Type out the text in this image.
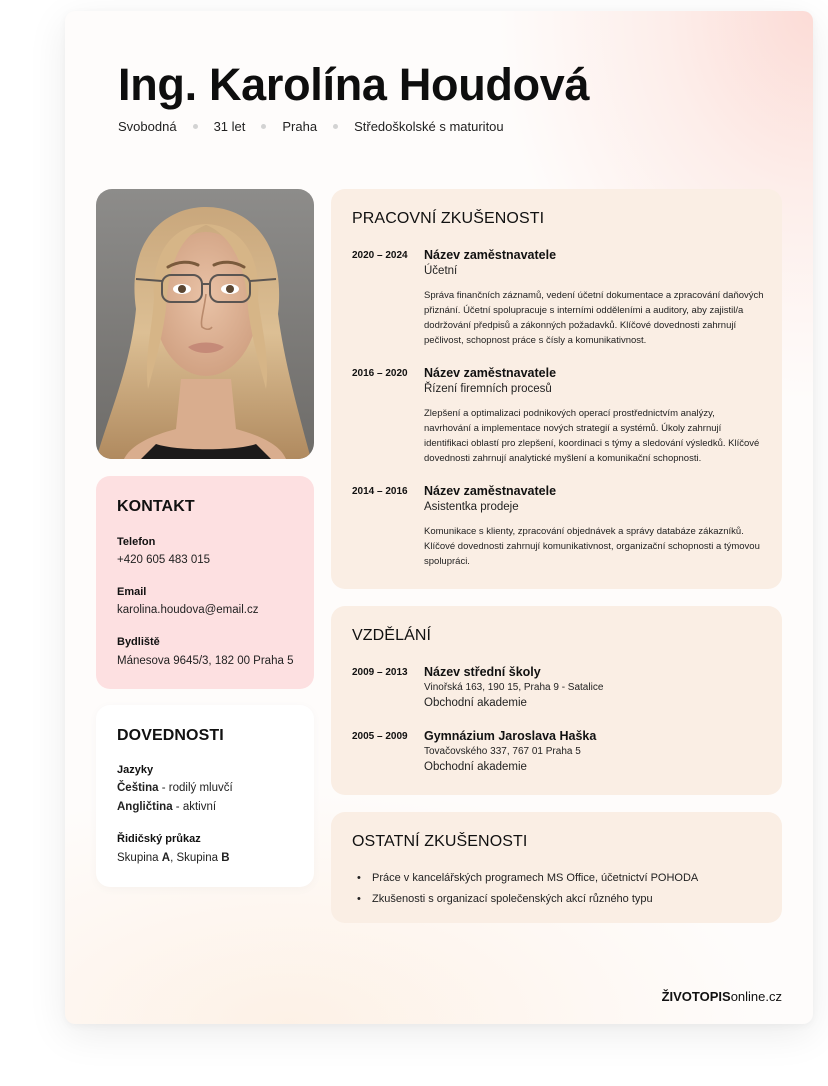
Ing. Karolína Houdová
Svobodná	31 let	Praha	Středoškolské s maturitou
KONTAKT
Telefon
+420 605 483 015
Email
karolina.houdova@email.cz
Bydliště
Mánesova 9645/3, 182 00 Praha 5
DOVEDNOSTI
Jazyky
Čeština - rodilý mluvčí
Angličtina - aktivní
Řidičský průkaz
Skupina A, Skupina B
PRACOVNÍ ZKUŠENOSTI
2020 – 2024 Název zaměstnavatele
Účetní
Správa finančních záznamů, vedení účetní dokumentace a zpracování daňových přiznání. Účetní spolupracuje s interními odděleními a auditory, aby zajistil/a dodržování předpisů a zákonných požadavků. Klíčové dovednosti zahrnují pečlivost, schopnost práce s čísly a komunikativnost.
2016 – 2020 Název zaměstnavatele
Řízení firemních procesů
Zlepšení a optimalizaci podnikových operací prostřednictvím analýzy, navrhování a implementace nových strategií a systémů. Úkoly zahrnují identifikaci oblastí pro zlepšení, koordinaci s týmy a sledování výsledků. Klíčové dovednosti zahrnují analytické myšlení a komunikační schopnosti.
2014 – 2016 Název zaměstnavatele
Asistentka prodeje
Komunikace s klienty, zpracování objednávek a správy databáze zákazníků. Klíčové dovednosti zahrnují komunikativnost, organizační schopnosti a týmovou spolupráci.
VZDĚLÁNÍ
2009 – 2013 Název střední školy
Vinořská 163, 190 15, Praha 9 - Satalice
Obchodní akademie
2005 – 2009 Gymnázium Jaroslava Haška
Tovačovského 337, 767 01 Praha 5
Obchodní akademie
OSTATNÍ ZKUŠENOSTI
• Práce v kancelářských programech MS Office, účetnictví POHODA
• Zkušenosti s organizací společenských akcí různého typu
ŽIVOTOPISonline.cz
